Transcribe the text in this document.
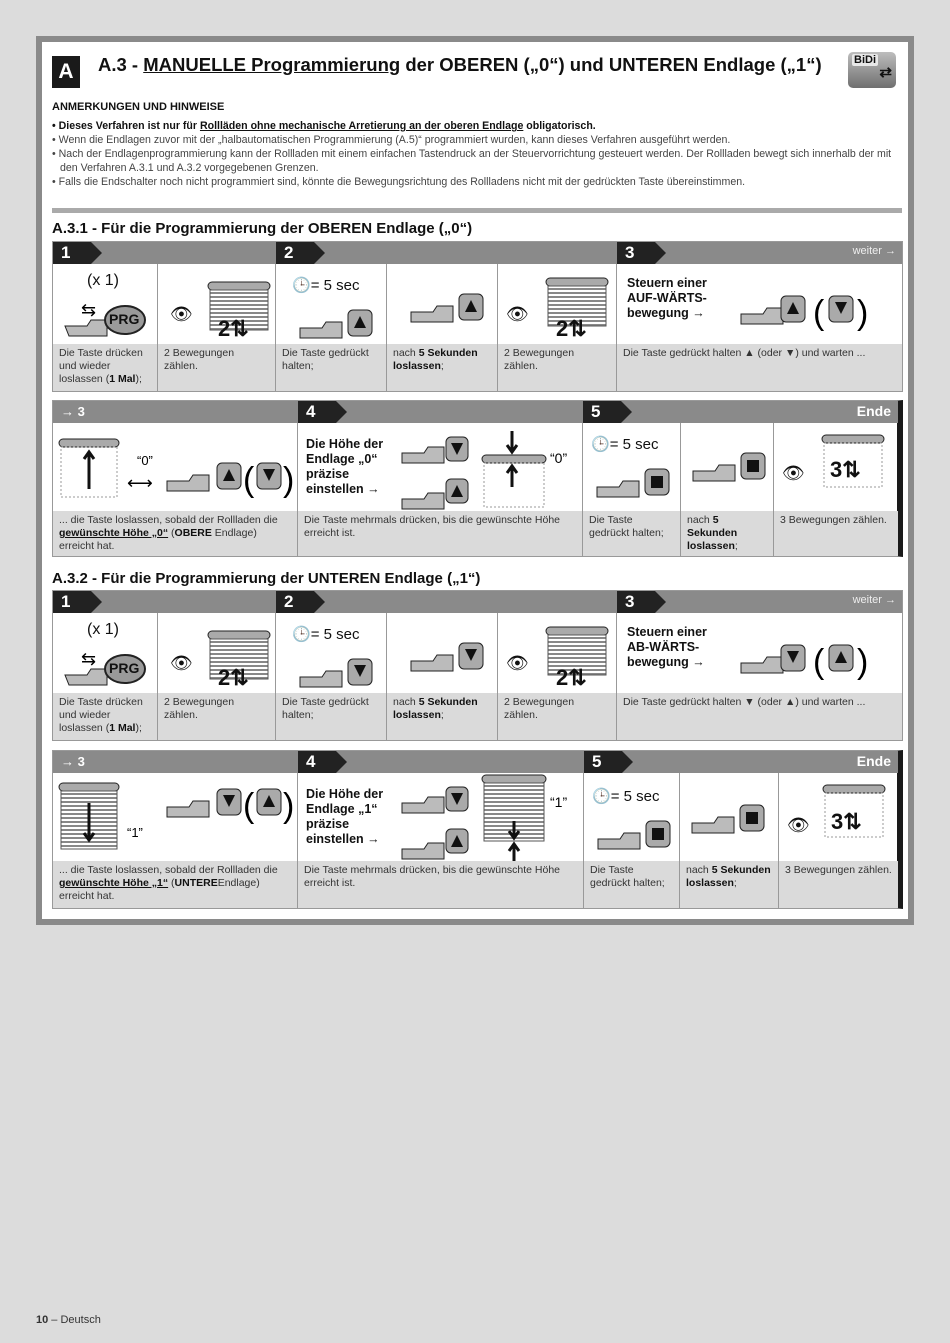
A	A.3 - MANUELLE Programmierung der OBEREN („0“) und UNTEREN Endlage („1“)	BiDi
⇄
ANMERKUNGEN UND HINWEISE

• Dieses Verfahren ist nur für Rollläden ohne mechanische Arretierung an der oberen Endlage obligatorisch.

• Wenn die Endlagen zuvor mit der „halbautomatischen Programmierung (A.5)“ programmiert wurden, kann dieses Verfahren ausgeführt werden.

• Nach der Endlagenprogrammierung kann der Rollladen mit einem einfachen Tastendruck an der Steuervorrichtung gesteuert werden. Der Rollladen bewegt sich innerhalb der mit den Verfahren A.3.1 und A.3.2 vorgegebenen Grenzen.

• Falls die Endschalter noch nicht programmiert sind, könnte die Bewegungsrichtung des Rollladens nicht mit der gedrückten Taste übereinstimmen.

A.3.1 - Für die Programmierung der OBEREN Endlage („0“)
1	2	3	weiter →
(x 1)
⇆ PRG
Die Taste drücken und wieder loslassen (1 Mal);
👁
2⇅
2 Bewegungen zählen.
🕒= 5 sec
Die Taste gedrückt halten;
nach 5 Sekunden loslassen;
👁
2⇅
2 Bewegungen zählen.
Steuern einer AUF-WÄRTS-bewegung →	( )
Die Taste gedrückt halten ▲ (oder ▼) und warten ...
→ 3	4	5	Ende
“0”
⟷	( )
... die Taste loslassen, sobald der Rollladen die gewünschte Höhe „0“ (OBERE Endlage) erreicht hat.
Die Höhe der Endlage „0“ präzise einstellen →
“0”
Die Taste mehrmals drücken, bis die gewünschte Höhe erreicht ist.
🕒= 5 sec
Die Taste gedrückt halten;
nach 5 Sekunden loslassen;
👁 3⇅
3 Bewegungen zählen.
A.3.2 - Für die Programmierung der UNTEREN Endlage („1“)
1	2	3	weiter →
(x 1)
⇆ PRG
Die Taste drücken und wieder loslassen (1 Mal);
👁
2⇅
2 Bewegungen zählen.
🕒= 5 sec
Die Taste gedrückt halten;
nach 5 Sekunden loslassen;
👁
2⇅
2 Bewegungen zählen.
Steuern einer AB-WÄRTS-bewegung →	( )
Die Taste gedrückt halten ▼ (oder ▲) und warten ...
→ 3	4	5	Ende
“1”
( )
... die Taste loslassen, sobald der Rollladen die gewünschte Höhe „1“ (UNTEREEndlage) erreicht hat.
Die Höhe der Endlage „1“ präzise einstellen →
“1”
Die Taste mehrmals drücken, bis die gewünschte Höhe erreicht ist.
🕒= 5 sec
Die Taste gedrückt halten;
nach 5 Sekunden loslassen;
👁 3⇅
3 Bewegungen zählen.
10 – Deutsch
